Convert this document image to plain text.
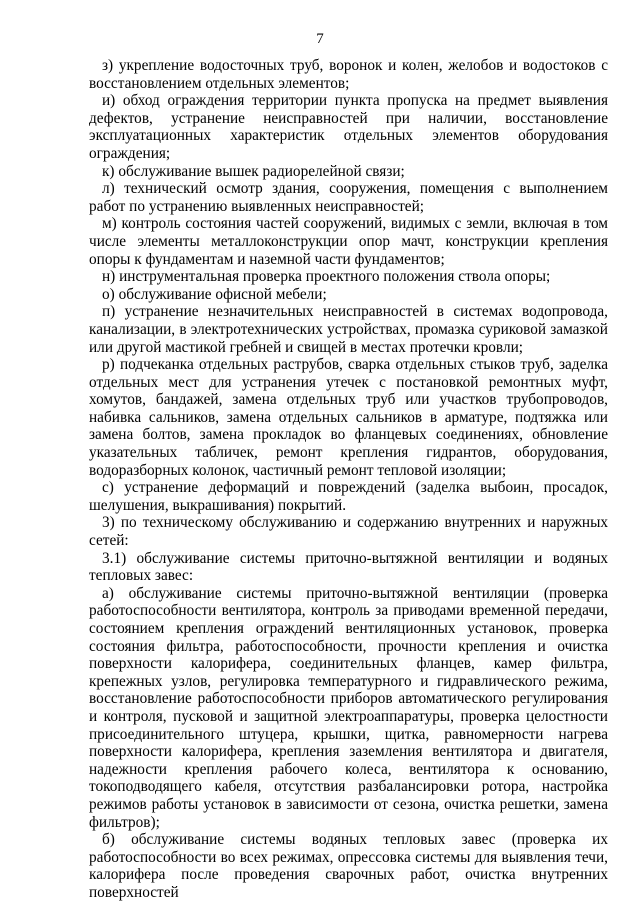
7

з) укрепление водосточных труб, воронок и колен, желобов и водостоков с восстановлением отдельных элементов;

и) обход ограждения территории пункта пропуска на предмет выявления дефектов, устранение неисправностей при наличии, восстановление эксплуатационных характеристик отдельных элементов оборудования ограждения;

к) обслуживание вышек радиорелейной связи;

л) технический осмотр здания, сооружения, помещения с выполнением работ по устранению выявленных неисправностей;

м) контроль состояния частей сооружений, видимых с земли, включая в том числе элементы металлоконструкции опор мачт, конструкции крепления опоры к фундаментам и наземной части фундаментов;

н) инструментальная проверка проектного положения ствола опоры;

о) обслуживание офисной мебели;

п) устранение незначительных неисправностей в системах водопровода, канализации, в электротехнических устройствах, промазка суриковой замазкой или другой мастикой гребней и свищей в местах протечки кровли;

р) подчеканка отдельных раструбов, сварка отдельных стыков труб, заделка отдельных мест для устранения утечек с постановкой ремонтных муфт, хомутов, бандажей, замена отдельных труб или участков трубопроводов, набивка сальников, замена отдельных сальников в арматуре, подтяжка или замена болтов, замена прокладок во фланцевых соединениях, обновление указательных табличек, ремонт крепления гидрантов, оборудования, водоразборных колонок, частичный ремонт тепловой изоляции;

с) устранение деформаций и повреждений (заделка выбоин, просадок, шелушения, выкрашивания) покрытий.

3) по техническому обслуживанию и содержанию внутренних и наружных сетей:

3.1) обслуживание системы приточно-вытяжной вентиляции и водяных тепловых завес:

а) обслуживание системы приточно-вытяжной вентиляции (проверка работоспособности вентилятора, контроль за приводами временной передачи, состоянием крепления ограждений вентиляционных установок, проверка состояния фильтра, работоспособности, прочности крепления и очистка поверхности калорифера, соединительных фланцев, камер фильтра, крепежных узлов, регулировка температурного и гидравлического режима, восстановление работоспособности приборов автоматического регулирования и контроля, пусковой и защитной электроаппаратуры, проверка целостности присоединительного штуцера, крышки, щитка, равномерности нагрева поверхности калорифера, крепления заземления вентилятора и двигателя, надежности крепления рабочего колеса, вентилятора к основанию, токоподводящего кабеля, отсутствия разбалансировки ротора, настройка режимов работы установок в зависимости от сезона, очистка решетки, замена фильтров);

б) обслуживание системы водяных тепловых завес (проверка их работоспособности во всех режимах, опрессовка системы для выявления течи, калорифера после проведения сварочных работ, очистка внутренних поверхностей
